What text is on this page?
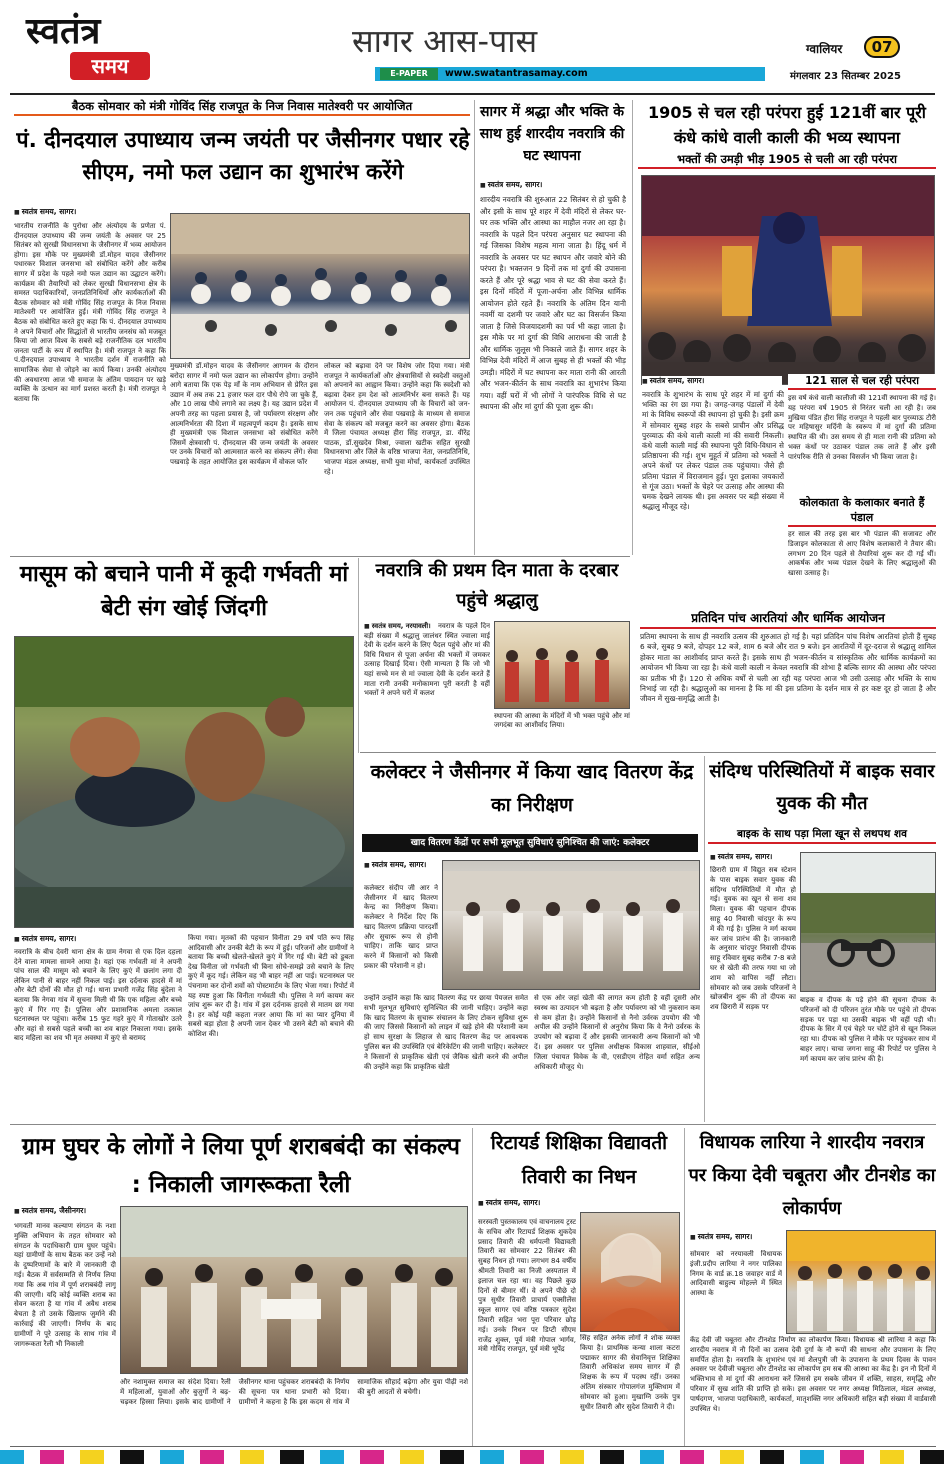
स्वतंत्र
समय
सागर आस-पास
E-PAPER	www.swatantrasamay.com
ग्वालियर	07
मंगलवार 23 सितम्बर 2025
बैठक सोमवार को मंत्री गोविंद सिंह राजपूत के निज निवास मातेश्वरी पर आयोजित
पं. दीनदयाल उपाध्याय जन्म जयंती पर जैसीनगर पधार रहे सीएम, नमो फल उद्यान का शुभारंभ करेंगे
■ स्वतंत्र समय, सागर।
भारतीय राजनीति के पुरोधा और अंत्योदय के प्रणेता पं. दीनदयाल उपाध्याय की जन्म जयंती के अवसर पर 25 सितंबर को सुरखी विधानसभा के जैसीनगर में भव्य आयोजन होगा। इस मौके पर मुख्यमंत्री डॉ.मोहन यादव जैसीनगर पधारकर विशाल जनसभा को संबोधित करेंगे और करीब सागर में प्रदेश के पहले नमो फल उद्यान का उद्घाटन करेंगे। कार्यक्रम की तैयारियों को लेकर सुरखी विधानसभा क्षेत्र के समस्त पदाधिकारियों, जनप्रतिनिधियों और कार्यकर्ताओं की बैठक सोमवार को मंत्री गोविंद सिंह राजपूत के निज निवास मातेश्वरी पर आयोजित हुई। मंत्री गोविंद सिंह राजपूत ने बैठक को संबोधित करते हुए कहा कि पं. दीनदयाल उपाध्याय ने अपने विचारों और सिद्धांतों से भारतीय जनसंघ को मजबूत किया जो आज विश्व के सबसे बड़े राजनीतिक दल भारतीय जनता पार्टी के रूप में स्थापित है। मंत्री राजपूत ने कहा कि पं.दीनदयाल उपाध्याय ने भारतीय दर्शन में राजनीति को सामाजिक सेवा से जोड़ने का कार्य किया। उनकी अंत्योदय की अवधारणा आज भी समाज के अंतिम पायदान पर खड़े व्यक्ति के उत्थान का मार्ग प्रशस्त करती है। मंत्री राजपूत ने बताया कि
मुख्यमंत्री डॉ.मोहन यादव के जैसीनगर आगमन के दौरान बरोदा सागर में नमो फल उद्यान का लोकार्पण होगा। उन्होंने आगे बताया कि एक पेड़ माँ के नाम अभियान से प्रेरित इस उद्यान में अब तक 21 हजार फल दार पौधे रोपे जा चुके हैं, और 10 लाख पौधे लगाने का लक्ष्य है। यह उद्यान प्रदेश में अपनी तरह का पहला प्रयास है, जो पर्यावरण संरक्षण और आत्मनिर्भरता की दिशा में महत्वपूर्ण कदम है। इसके साथ ही मुख्यमंत्री एक विशाल जनसभा को संबोधित करेंगे जिसमें क्षेत्रवासी पं. दीनदयाल की जन्म जयंती के अवसर पर उनके विचारों को आत्मसात करने का संकल्प लेंगे। सेवा पखवाड़े के तहत आयोजित इस कार्यक्रम में वोकल फॉर
लोकल को बढ़ावा देने पर विशेष जोर दिया गया। मंत्री राजपूत ने कार्यकर्ताओं और क्षेत्रवासियों से स्वदेशी वस्तुओं को अपनाने का आह्वान किया। उन्होंने कहा कि स्वदेशी को बढ़ावा देकर हम देश को आत्मनिर्भर बना सकते हैं। यह आयोजन पं. दीनदयाल उपाध्याय जी के विचारों को जन-जन तक पहुंचाने और सेवा पखवाड़े के माध्यम से समाज सेवा के संकल्प को मजबूत करने का अवसर होगा। बैठक में जिला पंचायत अध्यक्ष हीरा सिंह राजपूत, डा. वीरेंद्र पाठक, डॉ.सुखदेव मिश्रा, ज्वाला खटीक सहित सुरखी विधानसभा और जिले के वरिष्ठ भाजपा नेता, जनप्रतिनिधि, भाजपा मंडल अध्यक्ष, सभी युवा मोर्चा, कार्यकर्ता उपस्थित रहे।
सागर में श्रद्धा और भक्ति के साथ हुई शारदीय नवरात्रि की घट स्थापना
■ स्वतंत्र समय, सागर।
शारदीय नवरात्रि की शुरुआत 22 सितंबर से हो चुकी है और इसी के साथ पूरे शहर में देवी मंदिरों से लेकर घर-घर तक भक्ति और आस्था का माहौल नजर आ रहा है। नवरात्रि के पहले दिन परंपरा अनुसार घट स्थापना की गई जिसका विशेष महत्व माना जाता है। हिंदू धर्म में नवरात्रि के अवसर पर घट स्थापन और जवारे बोने की परंपरा है। भक्तजन 9 दिनों तक मां दुर्गा की उपासना करते हैं और पूरे श्रद्धा भाव से घट की सेवा करते हैं। इस दिनों मंदिरों में पूजा-अर्चना और विभिन्न धार्मिक आयोजन होते रहते हैं। नवरात्रि के अंतिम दिन यानी नवमीं या दशमी पर जवारे और घट का विसर्जन किया जाता है जिसे विजयादशमी का पर्व भी कहा जाता है। इस मौके पर मां दुर्गा की विधि आराधना की जाती है और धार्मिक जुलूस भी निकाले जाते हैं। सागर शहर के विभिन्न देवी मंदिरों में आज सुबह से ही भक्तों की भीड़ उमड़ी। मंदिरों में घट स्थापना कर माता रानी की आरती और भजन-कीर्तन के साथ नवरात्रि का शुभारंभ किया गया। वहीं घरों में भी लोगों ने पारंपरिक विधि से घट स्थापना की और मां दुर्गा की पूजा शुरू की।
1905 से चल रही परंपरा हुई 121वीं बार पूरी कंधे कांधे वाली काली की भव्य स्थापना
भक्तों की उमड़ी भीड़ 1905 से चली आ रही परंपरा
■ स्वतंत्र समय, सागर।
नवरात्रि के शुभारंभ के साथ पूरे शहर में मां दुर्गा की भक्ति का रंग छा गया है। जगह-जगह पंडालों में देवी मां के विविध स्वरूपों की स्थापना हो चुकी है। इसी क्रम में सोमवार सुबह शहर के सबसे प्राचीन और प्रसिद्ध पुरव्याऊ की कंधे वाली काली मां की सवारी निकली। कंधे वाली काली माई की स्थापना पूरी विधि-विधान से प्रतिष्ठापना की गई। शुभ मुहूर्त में प्रतिमा को भक्तों ने अपने कंधों पर लेकर पंडाल तक पहुंचाया। जैसे ही प्रतिमा पंडाल में विराजमान हुई। पूरा इलाका जयकारों से गूंज उठा। भक्तों के चेहरे पर उत्साह और आस्था की चमक देखने लायक थी। इस अवसर पर बड़ी संख्या में श्रद्धालु मौजूद रहे।
121 साल से चल रही परंपरा
इस वर्ष कंधे वाली कालीजी की 121वीं स्थापना की गई है। यह परंपरा वर्ष 1905 से निरंतर चली आ रही है। जब मुखिया पंडित हीरा सिंह राजपूत ने पहली बार पुरव्याऊ टौरी पर महिषासुर मर्दिनी के स्वरूप में मां दुर्गा की प्रतिमा स्थापित की थी। उस समय से ही माता रानी की प्रतिमा को भक्त कंधों पर उठाकर पंडाल तक लाते हैं और इसी पारंपरिक रीति से उनका विसर्जन भी किया जाता है।
कोलकाता के कलाकार बनाते हैं पंडाल
हर साल की तरह इस बार भी पंडाल की सजावट और डिजाइन कोलकाता से आए विशेष कलाकारों ने तैयार की। लगभग 20 दिन पहले से तैयारियां शुरू कर दी गई थीं। आकर्षक और भव्य पंडाल देखने के लिए श्रद्धालुओं की खासा उत्साह है।
प्रतिदिन पांच आरतियां और धार्मिक आयोजन
प्रतिमा स्थापना के साथ ही नवरात्रि उत्सव की शुरुआत हो गई है। यहां प्रतिदिन पांच विशेष आरतियां होती हैं सुबह 6 बजे, सुबह 9 बजे, दोपहर 12 बजे, शाम 6 बजे और रात 9 बजे। इन आरतियों में दूर-दराज से श्रद्धालु शामिल होकर माता का आशीर्वाद प्राप्त करते हैं। इसके साथ ही भजन-कीर्तन व सांस्कृतिक और धार्मिक कार्यक्रमों का आयोजन भी किया जा रहा है। कंधे वाली काली न केवल नवरात्रि की शोभा हैं बल्कि सागर की आस्था और परंपरा का प्रतीक भी हैं। 120 से अधिक वर्षों से चली आ रही यह परंपरा आज भी उसी उत्साह और भक्ति के साथ निभाई जा रही है। श्रद्धालुओं का मानना है कि मां की इस प्रतिमा के दर्शन मात्र से हर कष्ट दूर हो जाता है और जीवन में सुख-समृद्धि आती है।
मासूम को बचाने पानी में कूदी गर्भवती मां बेटी संग खोई जिंदगी
■ स्वतंत्र समय, सागर।
नवरात्रि के बीच देवरी थाना क्षेत्र के ग्राम नेगवा से एक दिल दहला देने वाला मामला सामने आया है। यहां एक गर्भवती मां ने अपनी पांच साल की मासूम को बचाने के लिए कुएं में छलांग लगा दी लेकिन पानी से बाहर नहीं निकल पाई। इस दर्दनाक हादसे में मां और बेटी दोनों की मौत हो गई। थाना प्रभारी गजेंद्र सिंह बुंदेला ने बताया कि नेगवा गांव में सूचना मिली थी कि एक महिला और बच्चे कुएं में गिर गए हैं। पुलिस और प्रशासनिक अमला तत्काल घटनास्थल पर पहुंचा। करीब 15 फुट गहरे कुएं में गोताखोर उतरे और वहां से सबसे पहले बच्ची का शव बाहर निकाला गया। इसके बाद महिला का शव भी मृत अवस्था में कुएं से बरामद
किया गया। मृतकों की पहचान विनीता 29 वर्ष पति रूप सिंह आदिवासी और उनकी बेटी के रूप में हुई। परिजनों और ग्रामीणों ने बताया कि बच्ची खेलते-खेलते कुएं में गिर गई थी। बेटी को डूबता देख विनीता जो गर्भवती थी बिना सोचे-समझे उसे बचाने के लिए कुएं में कूद गई। लेकिन वह भी बाहर नहीं आ पाई। घटनास्थल पर पंचनामा कर दोनों शवों को पोस्टमार्टम के लिए भेजा गया। रिपोर्ट में यह स्पष्ट हुआ कि विनीता गर्भवती थी। पुलिस ने मर्ग कायम कर जांच शुरू कर दी है। गांव में इस दर्दनाक हादसे से मातम छा गया है। हर कोई यही कहता नजर आया कि मां का प्यार दुनिया में सबसे बड़ा होता है अपनी जान देकर भी उसने बेटी को बचाने की कोशिश की।
नवरात्रि की प्रथम दिन माता के दरबार पहुंचे श्रद्धालु
■ स्वतंत्र समय, नरयावली।	नवरात्र के पहले दिन बड़ी संख्या में श्रद्धालु जालंधर स्थित ज्वाला माई देवी के दर्शन करने के लिए पैदल पहुंचे और मां की विधि विधान से पूजा अर्चना की भक्तों में जमकर उत्साह दिखाई दिया। ऐसी मान्यता है कि जो भी यहां सच्चे मन से मां ज्वाला देवी के दर्शन करते हैं माता रानी उनकी मनोकामना पूरी करती है वहीं भक्तों ने अपने घरों में कलश
स्थापना की आस्था के मंदिरों में भी भक्त पहुंचे और मां जगदंबा का आशीर्वाद लिया।
कलेक्टर ने जैसीनगर में किया खाद वितरण केंद्र का निरीक्षण
खाद वितरण केंद्रों पर सभी मूलभूत सुविधाएं सुनिश्चित की जाएं: कलेक्टर
■ स्वतंत्र समय, सागर।
कलेक्टर संदीप जी आर ने जैसीनगर में खाद वितरण केन्द्र का निरीक्षण किया। कलेक्टर ने निर्देश दिए कि खाद वितरण प्रक्रिया पारदर्शी और सुचारू रूप से होनी चाहिए। ताकि खाद प्राप्त करने में किसानों को किसी प्रकार की परेशानी न हो।
उन्होंने उन्होंने कहा कि खाद वितरण केंद्र पर छाया पेयजल समेत सभी मूलभूत सुविधाएं सुनिश्चित की जानी चाहिए। उन्होंने कहा कि खाद वितरण के सुचारू संचालन के लिए टोकन सुविधा शुरू की जाए जिससे किसानों को लाइन में खड़े होने की परेशानी कम हो साथ सुरक्षा के लिहाज से खाद वितरण केंद्र पर आवश्यक पुलिस बल की उपस्थिति एवं बेरिकेटिंग की जानी चाहिए। कलेक्टर ने किसानों से प्राकृतिक खेती एवं जैविक खेती करने की अपील की उन्होंने कहा कि प्राकृतिक खेती
से एक ओर जहां खेती की लागत कम होती है वहीं दूसरी ओर स्वस्थ का उत्पादन भी बढ़ता है और पर्यावरण को भी नुकसान कम से कम होता है। उन्होंने किसानों से नैनो उर्वरक उपयोग की भी अपील की उन्होंने किसानों से अनुरोध किया कि वे नैनो उर्वरक के उपयोग को बढ़ावा दें और इसकी जानकारी अन्य किसानों को भी दें। इस अवसर पर पुलिस अधीक्षक विकास शाहवाल, सीईओ जिला पंचायत विवेक के वी, एसडीएम रोहित वर्मा सहित अन्य अधिकारी मौजूद थे।
संदिग्ध परिस्थितियों में बाइक सवार युवक की मौत
बाइक के साथ पड़ा मिला खून से लथपथ शव
■ स्वतंत्र समय, सागर।
छिरारी ग्राम में विद्युत सब स्टेशन के पास बाइक सवार युवक की संदिग्ध परिस्थितियों में मौत हो गई। युवक का खून से सना शव मिला। युवक की पहचान दीपक साहू 40 निवासी चांदपुर के रूप में की गई है। पुलिस ने मर्ग कायम कर जांच प्रारंभ की है। जानकारी के अनुसार चांदपुर निवासी दीपक साहू रविवार सुबह करीब 7-8 बजे घर से खेती की तरफ गया था जो शाम को वापिस नहीं लौटा। सोमवार को जब उसके परिजनों ने खोजबीन शुरू की तो दीपक का शव छिरारी में सड़क पर
बाइक व दीपक के पड़े होने की सूचना दीपक के परिजनों को दी परिजन तुरंत मौके पर पहुंचे तो दीपक सड़क पर पड़ा था उसकी बाइक भी वहीं पड़ी थी। दीपक के सिर में एवं चेहरे पर चोटें होने से खून निकल रहा था। दीपक को पुलिस ने मौके पर पहुंचकर साथ में बाहर लाए। चाचा जगना साहू की रिपोर्ट पर पुलिस ने मर्ग कायम कर जांच प्रारंभ की है।
ग्राम घुघर के लोगों ने लिया पूर्ण शराबबंदी का संकल्प : निकाली जागरूकता रैली
■ स्वतंत्र समय, जैसीनगर।
भगवती मानव कल्याण संगठन के नशा मुक्ति अभियान के तहत सोमवार को संगठन के पदाधिकारी ग्राम घुघर पहुंचे। यहां ग्रामीणों के साथ बैठक कर उन्हें नशे के दुष्परिणामों के बारे में जानकारी दी गई। बैठक में सर्वसम्मति से निर्णय लिया गया कि अब गांव में पूर्ण शराबबंदी लागू की जाएगी। यदि कोई व्यक्ति शराब का सेवन करता है या गांव में अवैध शराब बेचता है तो उसके खिलाफ जुर्माने की कार्रवाई की जाएगी। निर्णय के बाद ग्रामीणों ने पूरे उत्साह के साथ गांव में जागरूकता रैली भी निकाली
और नशामुक्त समाज का संदेश दिया। रैली में महिलाओं, युवाओं और बुजुर्गों ने बढ़-चढ़कर हिस्सा लिया। इसके बाद ग्रामीणों ने जैसीनगर थाना पहुंचकर शराबबंदी के निर्णय की सूचना पत्र थाना प्रभारी को दिया। ग्रामीणों ने कहना है कि इस कदम से गांव में सामाजिक सौहार्द बढ़ेगा और युवा पीढ़ी नशे की बुरी आदतों से बचेगी।
रिटायर्ड शिक्षिका विद्यावती तिवारी का निधन
■ स्वतंत्र समय, सागर।
सरस्वती पुस्तकालय एवं वाचनालय ट्रस्ट के सचिव और रिटायर्ड शिक्षक शुकदेव प्रसाद तिवारी की धर्मपत्नी विद्यावती तिवारी का सोमवार 22 सितंबर की सुबह निधन हो गया। लगभग 84 वर्षीय श्रीमती तिवारी का निजी अस्पताल में इलाज चल रहा था। वह पिछले कुछ दिनों से बीमार थीं। वे अपने पीछे दो पुत्र सुधीर तिवारी प्राचार्य एक्सीलेंस स्कूल सागर एवं वरिष्ठ पत्रकार सुदेश तिवारी सहित भरा पूरा परिवार छोड़ गई। उनके निधन पर डिप्टी सीएम राजेंद्र शुक्ल, पूर्व मंत्री गोपाल भार्गव, मंत्री गोविंद राजपूत, पूर्व मंत्री भूपेंद्र
सिंह सहित अनेक लोगों ने शोक व्यक्त किया है। प्राथमिक कन्या शाला कटरा पद्माकर सागर की सेवानिवृत्त शिक्षिका तिवारी अधिकांश समय सागर में ही शिक्षक के रूप में पदस्थ रहीं। उनका अंतिम संस्कार गोपालगंज मुक्तिधाम में सोमवार को हुआ। मुखाग्नि उनके पुत्र सुधीर तिवारी और सुदेश तिवारी ने दी।
विधायक लारिया ने शारदीय नवरात्र पर किया देवी चबूतरा और टीनशेड का लोकार्पण
■ स्वतंत्र समय, सागर।
सोमवार को नरयावली विधायक इंजी.प्रदीप लारिया ने नगर पालिका निगम के वार्ड क्र.18 जवाहर वार्ड में आदिवासी बाहुल्य मोहल्ले में स्थित आस्था के
केंद्र देवी जी चबूतरा और टीनशेड निर्माण का लोकार्पण किया। विधायक श्री लारिया ने कहा कि शारदीय नवरात्र में नौ दिनों का उत्सव देवी दुर्गा के नौ रूपों की साधना और उपासना के लिए समर्पित होता है। नवरात्रि के शुभारंभ एवं मां शैलपुत्री जी के उपासना के प्रथम दिवस के पावन अवसर पर देवीजी चबूतरा और टीनशेड का लोकार्पण हम सब की आस्था का केंद्र है। इन नौ दिनों में भक्तिभाव से मां दुर्गा की आराधना करें जिससे हम सबके जीवन में शक्ति, साहस, समृद्धि और परिवार में सुख शांति की प्राप्ति हो सके। इस अवसर पर नगर अध्यक्ष मिठिलाल, मंडल अध्यक्ष, पार्षदगण, भाजपा पदाधिकारी, कार्यकर्ता, मातृशक्ति नगर अधिकारी सहित बड़ी संख्या में वार्डवासी उपस्थित थे।
